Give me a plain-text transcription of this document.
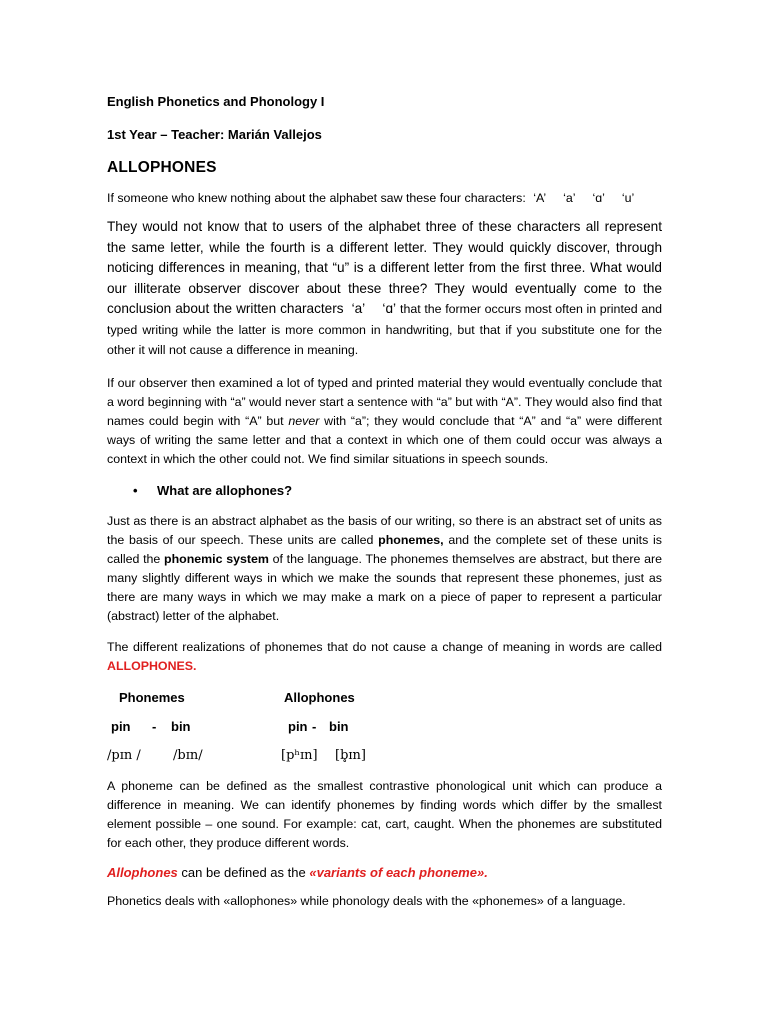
English Phonetics and Phonology I

1st Year – Teacher: Marián Vallejos

ALLOPHONES

If someone who knew nothing about the alphabet saw these four characters: ‘A’ ‘a’ ‘ɑ’ ‘u’

They would not know that to users of the alphabet three of these characters all represent the same letter, while the fourth is a different letter. They would quickly discover, through noticing differences in meaning, that “u” is a different letter from the first three. What would our illiterate observer discover about these three? They would eventually come to the conclusion about the written characters ‘a’ ‘ɑ’ that the former occurs most often in printed and typed writing while the latter is more common in handwriting, but that if you substitute one for the other it will not cause a difference in meaning.

If our observer then examined a lot of typed and printed material they would eventually conclude that a word beginning with “a” would never start a sentence with “a” but with “A”. They would also find that names could begin with “A” but never with “a”; they would conclude that “A” and “a” were different ways of writing the same letter and that a context in which one of them could occur was always a context in which the other could not. We find similar situations in speech sounds.

• What are allophones?

Just as there is an abstract alphabet as the basis of our writing, so there is an abstract set of units as the basis of our speech. These units are called phonemes, and the complete set of these units is called the phonemic system of the language. The phonemes themselves are abstract, but there are many slightly different ways in which we make the sounds that represent these phonemes, just as there are many ways in which we may make a mark on a piece of paper to represent a particular (abstract) letter of the alphabet.

The different realizations of phonemes that do not cause a change of meaning in words are called ALLOPHONES.

Phonemes	Allophones
pin - bin	pin - bin
/pɪn / /bɪn/	[pʰɪn] [b̥ɪn]

A phoneme can be defined as the smallest contrastive phonological unit which can produce a difference in meaning. We can identify phonemes by finding words which differ by the smallest element possible – one sound. For example: cat, cart, caught. When the phonemes are substituted for each other, they produce different words.

Allophones can be defined as the «variants of each phoneme».

Phonetics deals with «allophones» while phonology deals with the «phonemes» of a language.
